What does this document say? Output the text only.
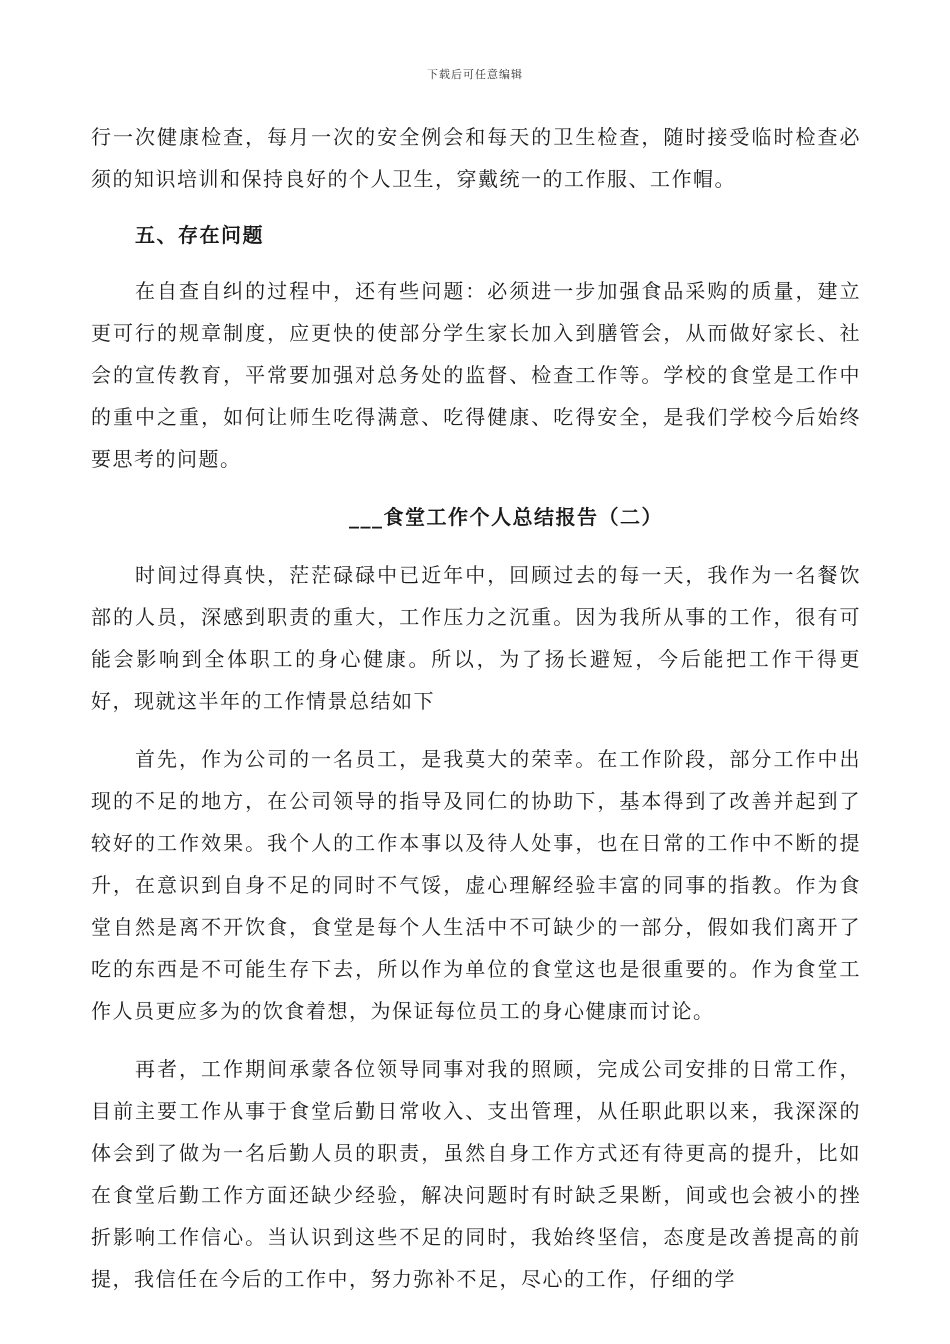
下载后可任意编辑

行一次健康检查，每月一次的安全例会和每天的卫生检查，随时接受临时检查必须的知识培训和保持良好的个人卫生，穿戴统一的工作服、工作帽。

五、存在问题

在自查自纠的过程中，还有些问题：必须进一步加强食品采购的质量，建立更可行的规章制度，应更快的使部分学生家长加入到膳管会，从而做好家长、社会的宣传教育，平常要加强对总务处的监督、检查工作等。学校的食堂是工作中的重中之重，如何让师生吃得满意、吃得健康、吃得安全，是我们学校今后始终要思考的问题。

___食堂工作个人总结报告（二）

时间过得真快，茫茫碌碌中已近年中，回顾过去的每一天，我作为一名餐饮部的人员，深感到职责的重大，工作压力之沉重。因为我所从事的工作，很有可能会影响到全体职工的身心健康。所以，为了扬长避短，今后能把工作干得更好，现就这半年的工作情景总结如下

首先，作为公司的一名员工，是我莫大的荣幸。在工作阶段，部分工作中出现的不足的地方，在公司领导的指导及同仁的协助下，基本得到了改善并起到了较好的工作效果。我个人的工作本事以及待人处事，也在日常的工作中不断的提升，在意识到自身不足的同时不气馁，虚心理解经验丰富的同事的指教。作为食堂自然是离不开饮食，食堂是每个人生活中不可缺少的一部分，假如我们离开了吃的东西是不可能生存下去，所以作为单位的食堂这也是很重要的。作为食堂工作人员更应多为的饮食着想，为保证每位员工的身心健康而讨论。

再者，工作期间承蒙各位领导同事对我的照顾，完成公司安排的日常工作，目前主要工作从事于食堂后勤日常收入、支出管理，从任职此职以来，我深深的体会到了做为一名后勤人员的职责，虽然自身工作方式还有待更高的提升，比如在食堂后勤工作方面还缺少经验，解决问题时有时缺乏果断，间或也会被小的挫折影响工作信心。当认识到这些不足的同时，我始终坚信，态度是改善提高的前提，我信任在今后的工作中，努力弥补不足，尽心的工作，仔细的学
